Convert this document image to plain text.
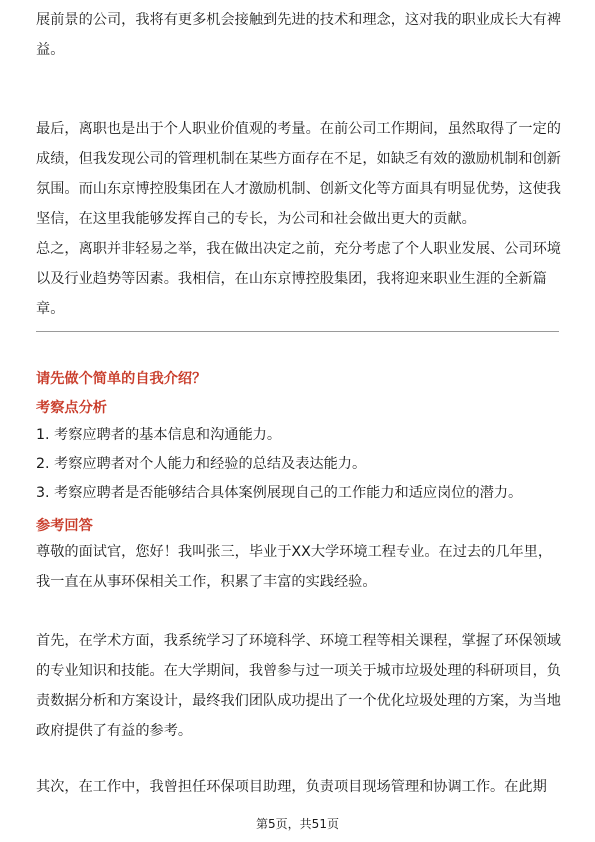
展前景的公司，我将有更多机会接触到先进的技术和理念，这对我的职业成长大有裨益。

最后，离职也是出于个人职业价值观的考量。在前公司工作期间，虽然取得了一定的成绩，但我发现公司的管理机制在某些方面存在不足，如缺乏有效的激励机制和创新氛围。而山东京博控股集团在人才激励机制、创新文化等方面具有明显优势，这使我坚信，在这里我能够发挥自己的专长，为公司和社会做出更大的贡献。

总之，离职并非轻易之举，我在做出决定之前，充分考虑了个人职业发展、公司环境以及行业趋势等因素。我相信，在山东京博控股集团，我将迎来职业生涯的全新篇章。

请先做个简单的自我介绍？
考察点分析
1. 考察应聘者的基本信息和沟通能力。
2. 考察应聘者对个人能力和经验的总结及表达能力。
3. 考察应聘者是否能够结合具体案例展现自己的工作能力和适应岗位的潜力。
参考回答

尊敬的面试官，您好！我叫张三，毕业于XX大学环境工程专业。在过去的几年里，我一直在从事环保相关工作，积累了丰富的实践经验。

首先，在学术方面，我系统学习了环境科学、环境工程等相关课程，掌握了环保领域的专业知识和技能。在大学期间，我曾参与过一项关于城市垃圾处理的科研项目，负责数据分析和方案设计，最终我们团队成功提出了一个优化垃圾处理的方案，为当地政府提供了有益的参考。

其次，在工作中，我曾担任环保项目助理，负责项目现场管理和协调工作。在此期

第5页，共51页
